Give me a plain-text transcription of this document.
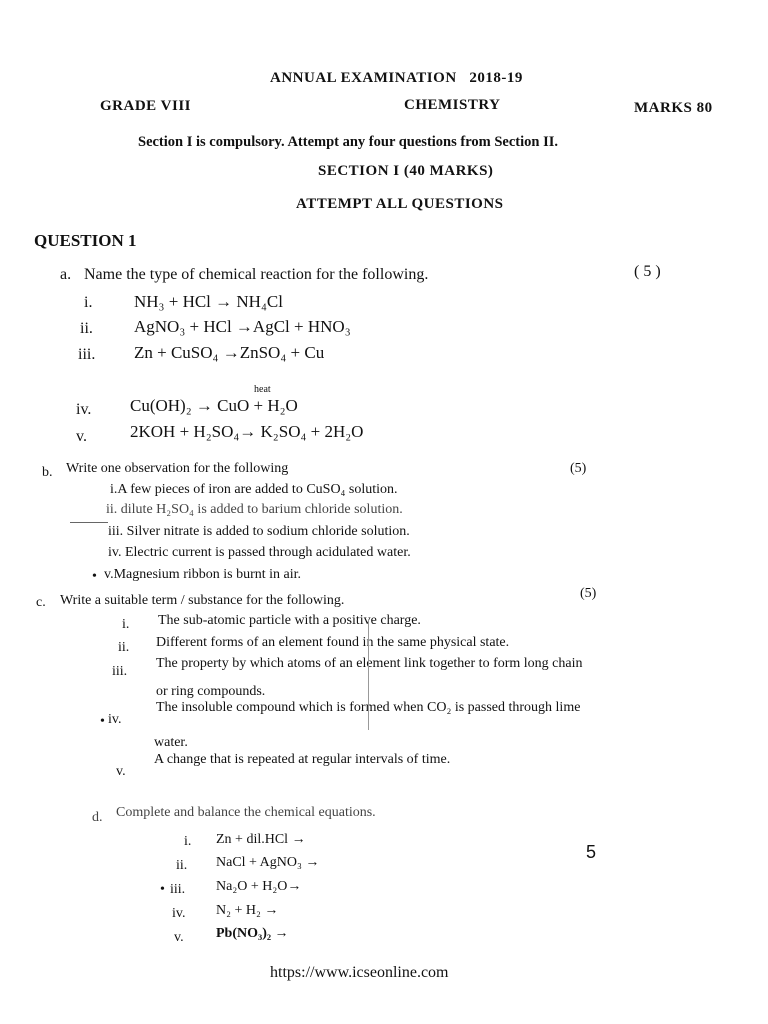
ANNUAL EXAMINATION 2018-19
GRADE VIII	CHEMISTRY	MARKS 80
Section I is compulsory. Attempt any four questions from Section II.
SECTION I (40 MARKS)
ATTEMPT ALL QUESTIONS
QUESTION 1
a. Name the type of chemical reaction for the following.	( 5 )
i. NH₃ + HCl → NH₄Cl
ii. AgNO₃ + HCl →AgCl + HNO₃
iii. Zn + CuSO₄ →ZnSO₄ + Cu
heat
iv. Cu(OH)₂ → CuO + H₂O
v.	2KOH + H₂SO₄→ K₂SO₄ + 2H₂O
b. Write one observation for the following	(5)
i.A few pieces of iron are added to CuSO₄ solution.
ii. dilute H₂SO₄ is added to barium chloride solution.
iii. Silver nitrate is added to sodium chloride solution.
iv. Electric current is passed through acidulated water.
• v.Magnesium ribbon is burnt in air.
c. Write a suitable term / substance for the following.	(5)
i. The sub-atomic particle with a positive charge.
ii. Different forms of an element found in the same physical state.
iii.
The property by which atoms of an element link together to form long chain
or ring compounds.
• iv.
The insoluble compound which is formed when CO₂ is passed through lime
water.
v.
A change that is repeated at regular intervals of time.
d. Complete and balance the chemical equations.
5
i. Zn + dil.HCl →
ii. NaCl + AgNO₃ →
• iii. Na₂O + H₂O→
iv. N₂ + H₂ →
v. Pb(NO₃)₂ →
https://www.icseonline.com
